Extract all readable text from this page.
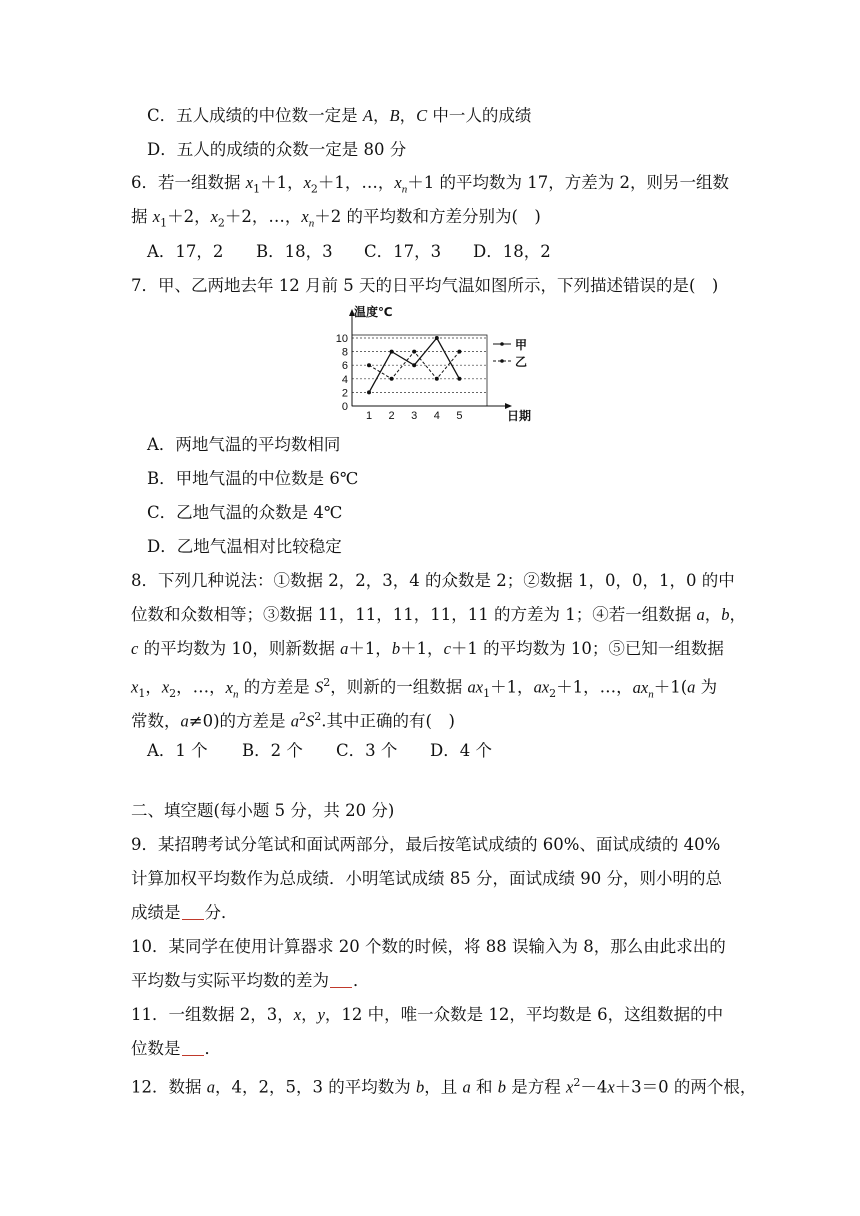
C．五人成绩的中位数一定是 A，B，C 中一人的成绩
D．五人的成绩的众数一定是 80 分
6．若一组数据 $x_1+1$，$x_2+1$，…，$x_n+1$ 的平均数为 17，方差为 2，则另一组数
据 $x_1+2$，$x_2+2$，…，$x_n+2$ 的平均数和方差分别为(　)
A．17，2 B．18，3 C．17，3 D．18，2
7．甲、乙两地去年 12 月前 5 天的日平均气温如图所示，下列描述错误的是(　)
0
2
4
6
8
10
温度℃
日期
1 2 3 4 5
甲
乙
A．两地气温的平均数相同
B．甲地气温的中位数是 6℃
C．乙地气温的众数是 4℃
D．乙地气温相对比较稳定
8．下列几种说法：①数据 2，2，3，4 的众数是 2；②数据 1，0，0，1，0 的中
位数和众数相等；③数据 11，11，11，11，11 的方差为 1；④若一组数据 a，b，
c 的平均数为 10，则新数据 a＋1，b＋1，c＋1 的平均数为 10；⑤已知一组数据
$x_1$，$x_2$，…，$x_n$ 的方差是 $S^2$，则新的一组数据 $ax_1+1$，$ax_2+1$，…，$ax_n+1(a$ 为
常数，a≠0)的方差是 $a^2S^2$.其中正确的有(　)
A．1 个 B．2 个 C．3 个 D．4 个
二、填空题(每小题 5 分，共 20 分)
9．某招聘考试分笔试和面试两部分，最后按笔试成绩的 60%、面试成绩的 40%
计算加权平均数作为总成绩．小明笔试成绩 85 分，面试成绩 90 分，则小明的总
成绩是 分．
10．某同学在使用计算器求 20 个数的时候，将 88 误输入为 8，那么由此求出的
平均数与实际平均数的差为 ．
11．一组数据 2，3，x，y，12 中，唯一众数是 12，平均数是 6，这组数据的中
位数是 ．
12．数据 a，4，2，5，3 的平均数为 b，且 a 和 b 是方程 $x^2-4x+3=0$ 的两个根，
